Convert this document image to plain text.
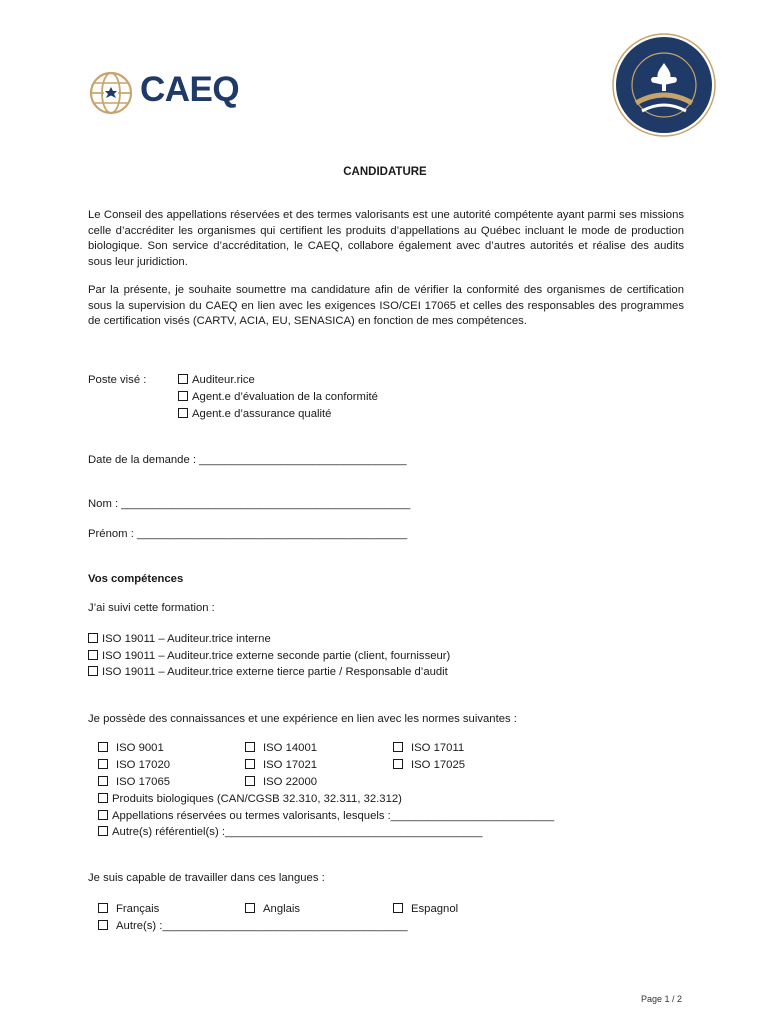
CAEQ
CANDIDATURE
Le Conseil des appellations réservées et des termes valorisants est une autorité compétente ayant parmi ses missions celle d’accréditer les organismes qui certifient les produits d’appellations au Québec incluant le mode de production biologique. Son service d’accréditation, le CAEQ, collabore également avec d’autres autorités et réalise des audits sous leur juridiction.
Par la présente, je souhaite soumettre ma candidature afin de vérifier la conformité des organismes de certification sous la supervision du CAEQ en lien avec les exigences ISO/CEI 17065 et celles des responsables des programmes de certification visés (CARTV, ACIA, EU, SENASICA) en fonction de mes compétences.
Poste visé :	Auditeur.rice
Agent.e d’évaluation de la conformité
Agent.e d’assurance qualité
Date de la demande : _________________________________
Nom : ______________________________________________
Prénom : ___________________________________________
Vos compétences
J’ai suivi cette formation :
ISO 19011 – Auditeur.trice interne
ISO 19011 – Auditeur.trice externe seconde partie (client, fournisseur)
ISO 19011 – Auditeur.trice externe tierce partie / Responsable d’audit
Je possède des connaissances et une expérience en lien avec les normes suivantes :
ISO 9001	ISO 14001	ISO 17011
ISO 17020	ISO 17021	ISO 17025
ISO 17065	ISO 22000
Produits biologiques (CAN/CGSB 32.310, 32.311, 32.312)
Appellations réservées ou termes valorisants, lesquels :__________________________
Autre(s) référentiel(s) :_________________________________________
Je suis capable de travailler dans ces langues :
Français	Anglais	Espagnol
Autre(s) :_______________________________________
Page 1 / 2
